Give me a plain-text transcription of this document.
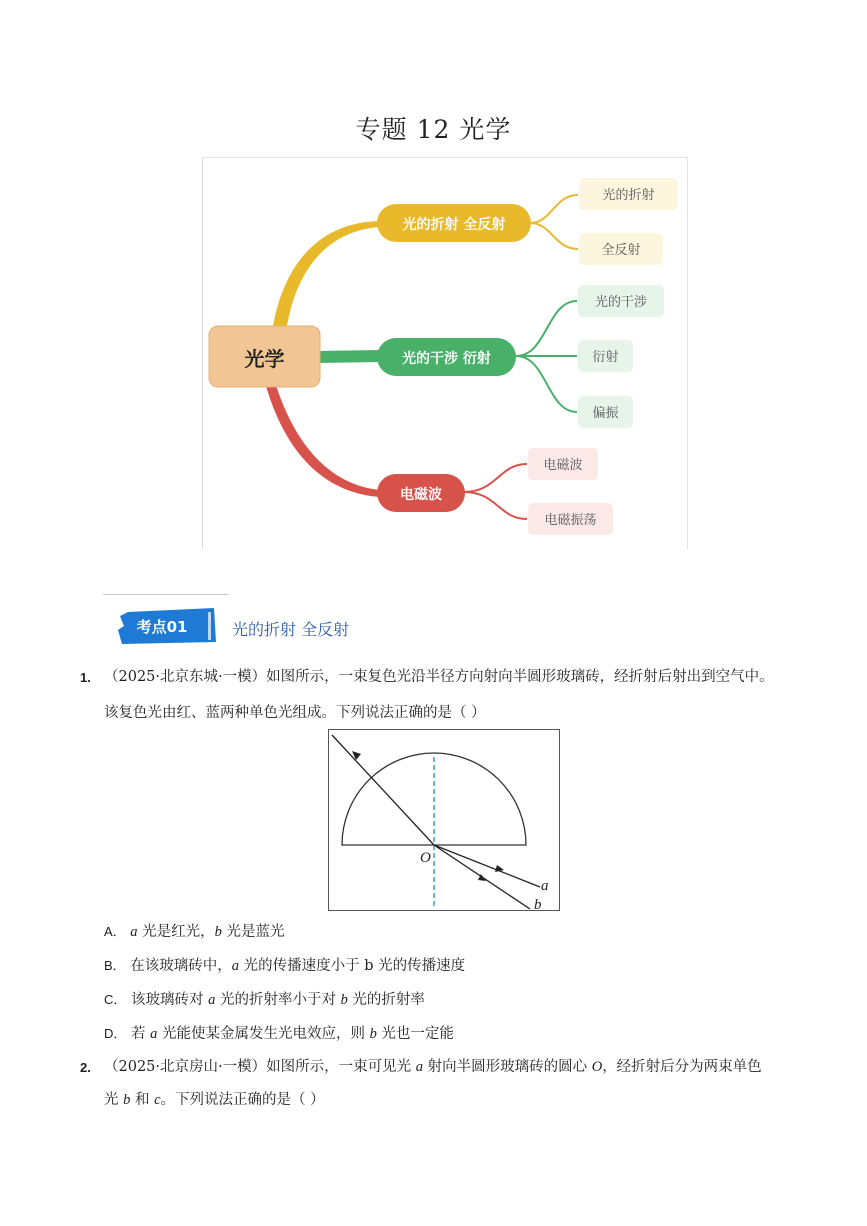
专题 12 光学
光学
光的折射 全反射
光的干涉 衍射
电磁波
光的折射
全反射
光的干涉
衍射
偏振
电磁波
电磁振荡
考点01	光的折射 全反射
1. （2025·北京东城·一模）如图所示，一束复色光沿半径方向射向半圆形玻璃砖，经折射后射出到空气中。
该复色光由红、蓝两种单色光组成。下列说法正确的是（ ）
O
a
b
A． a 光是红光，b 光是蓝光
B． 在该玻璃砖中，a 光的传播速度小于 b 光的传播速度
C． 该玻璃砖对 a 光的折射率小于对 b 光的折射率
D． 若 a 光能使某金属发生光电效应，则 b 光也一定能
2. （2025·北京房山·一模）如图所示，一束可见光 a 射向半圆形玻璃砖的圆心 O，经折射后分为两束单色
光 b 和 c。下列说法正确的是（ ）
